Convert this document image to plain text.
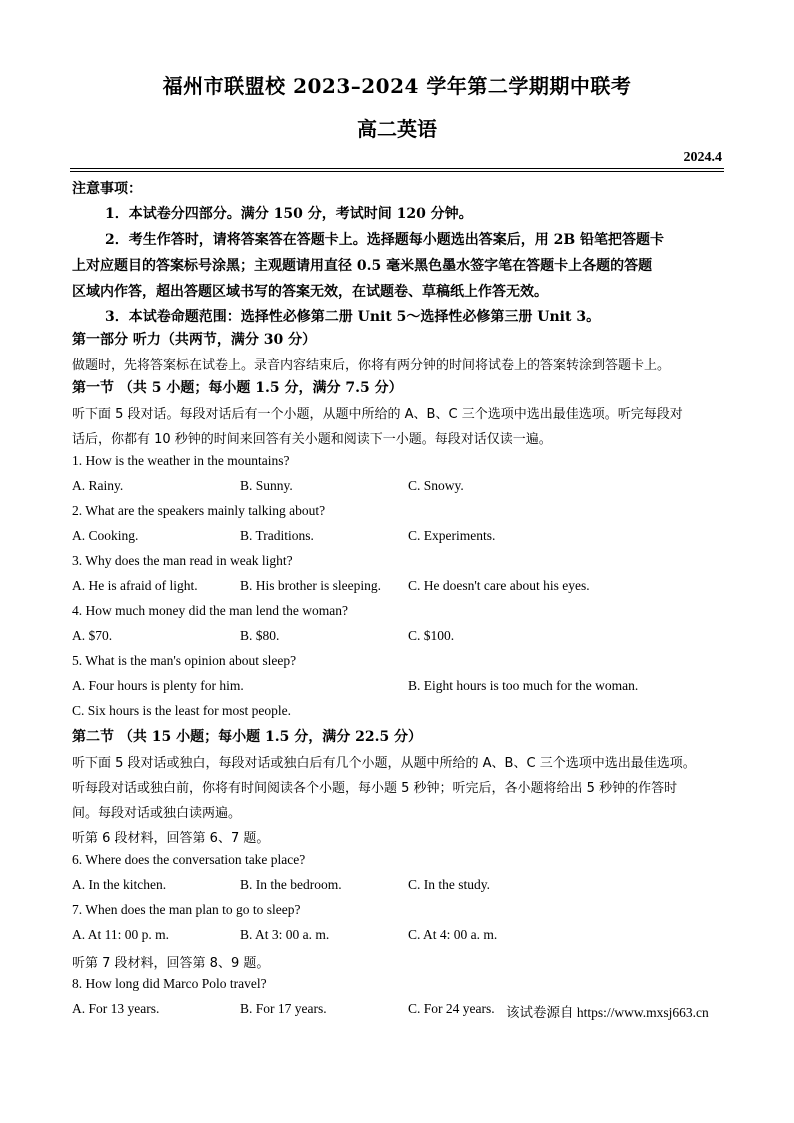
福州市联盟校 2023–2024 学年第二学期期中联考
高二英语
2024.4
注意事项：
1．本试卷分四部分。满分 150 分，考试时间 120 分钟。
2．考生作答时，请将答案答在答题卡上。选择题每小题选出答案后，用 2B 铅笔把答题卡
上对应题目的答案标号涂黑；主观题请用直径 0.5 毫米黑色墨水签字笔在答题卡上各题的答题
区域内作答，超出答题区域书写的答案无效，在试题卷、草稿纸上作答无效。
3．本试卷命题范围：选择性必修第二册 Unit 5～选择性必修第三册 Unit 3。
第一部分 听力（共两节，满分 30 分）
做题时，先将答案标在试卷上。录音内容结束后，你将有两分钟的时间将试卷上的答案转涂到答题卡上。
第一节 （共 5 小题；每小题 1.5 分，满分 7.5 分）
听下面 5 段对话。每段对话后有一个小题，从题中所给的 A、B、C 三个选项中选出最佳选项。听完每段对
话后，你都有 10 秒钟的时间来回答有关小题和阅读下一小题。每段对话仅读一遍。
1. How is the weather in the mountains?
A. Rainy.	B. Sunny.	C. Snowy.
2. What are the speakers mainly talking about?
A. Cooking.	B. Traditions.	C. Experiments.
3. Why does the man read in weak light?
A. He is afraid of light.	B. His brother is sleeping. C. He doesn't care about his eyes.
4. How much money did the man lend the woman?
A. $70.	B. $80.	C. $100.
5. What is the man's opinion about sleep?
A. Four hours is plenty for him.	B. Eight hours is too much for the woman.
C. Six hours is the least for most people.
第二节 （共 15 小题；每小题 1.5 分，满分 22.5 分）
听下面 5 段对话或独白，每段对话或独白后有几个小题，从题中所给的 A、B、C 三个选项中选出最佳选项。
听每段对话或独白前，你将有时间阅读各个小题，每小题 5 秒钟；听完后，各小题将给出 5 秒钟的作答时
间。每段对话或独白读两遍。
听第 6 段材料，回答第 6、7 题。
6. Where does the conversation take place?
A. In the kitchen.	B. In the bedroom.	C. In the study.
7. When does the man plan to go to sleep?
A. At 11: 00 p. m.	B. At 3: 00 a. m.	C. At 4: 00 a. m.
听第 7 段材料，回答第 8、9 题。
8. How long did Marco Polo travel?
A. For 13 years.	B. For 17 years.	C. For 24 years. 该试卷源自 https://www.mxsj663.cn
